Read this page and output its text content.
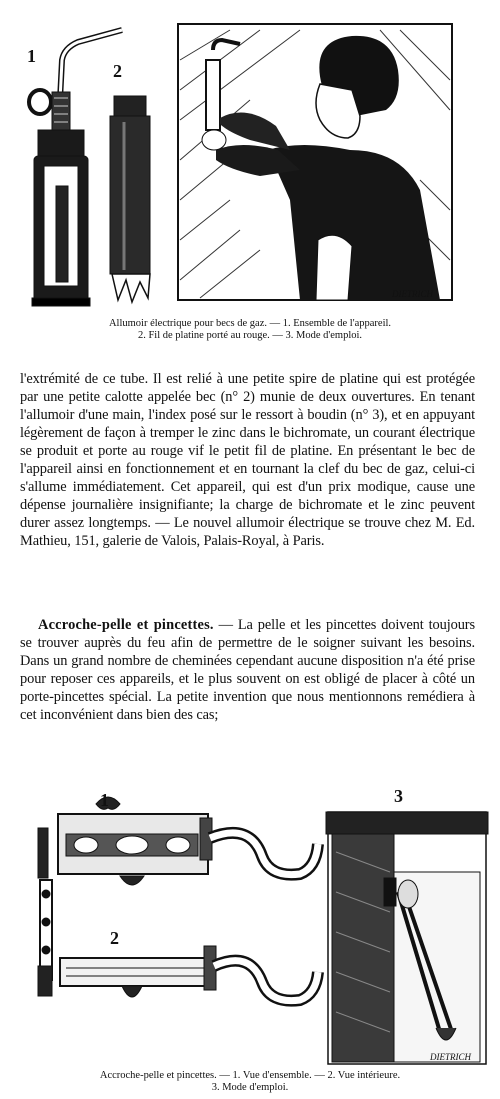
1
2
DIETRICH
Allumoir électrique pour becs de gaz. — 1. Ensemble de l'appareil.
2. Fil de platine porté au rouge. — 3. Mode d'emploi.
l'extrémité de ce tube. Il est relié à une petite spire de platine qui est protégée par une petite calotte appelée bec (n° 2) munie de deux ouvertures. En tenant l'allumoir d'une main, l'index posé sur le ressort à boudin (n° 3), et en appuyant légèrement de façon à tremper le zinc dans le bichromate, un courant électrique se produit et porte au rouge vif le petit fil de platine. En présentant le bec de l'appareil ainsi en fonctionnement et en tournant la clef du bec de gaz, celui-ci s'allume immédiatement. Cet appareil, qui est d'un prix modique, cause une dépense journalière insignifiante; la charge de bichromate et le zinc peuvent durer assez longtemps. — Le nouvel allumoir électrique se trouve chez M. Ed. Mathieu, 151, galerie de Valois, Palais-Royal, à Paris.
Accroche-pelle et pincettes. — La pelle et les pincettes doivent toujours se trouver auprès du feu afin de permettre de le soigner suivant les besoins. Dans un grand nombre de cheminées cependant aucune disposition n'a été prise pour reposer ces appareils, et le plus souvent on est obligé de placer à côté un porte-pincettes spécial. La petite invention que nous mentionnons remédiera à cet inconvénient dans bien des cas;
1
2
3
DIETRICH
Accroche-pelle et pincettes. — 1. Vue d'ensemble. — 2. Vue intérieure.
3. Mode d'emploi.
